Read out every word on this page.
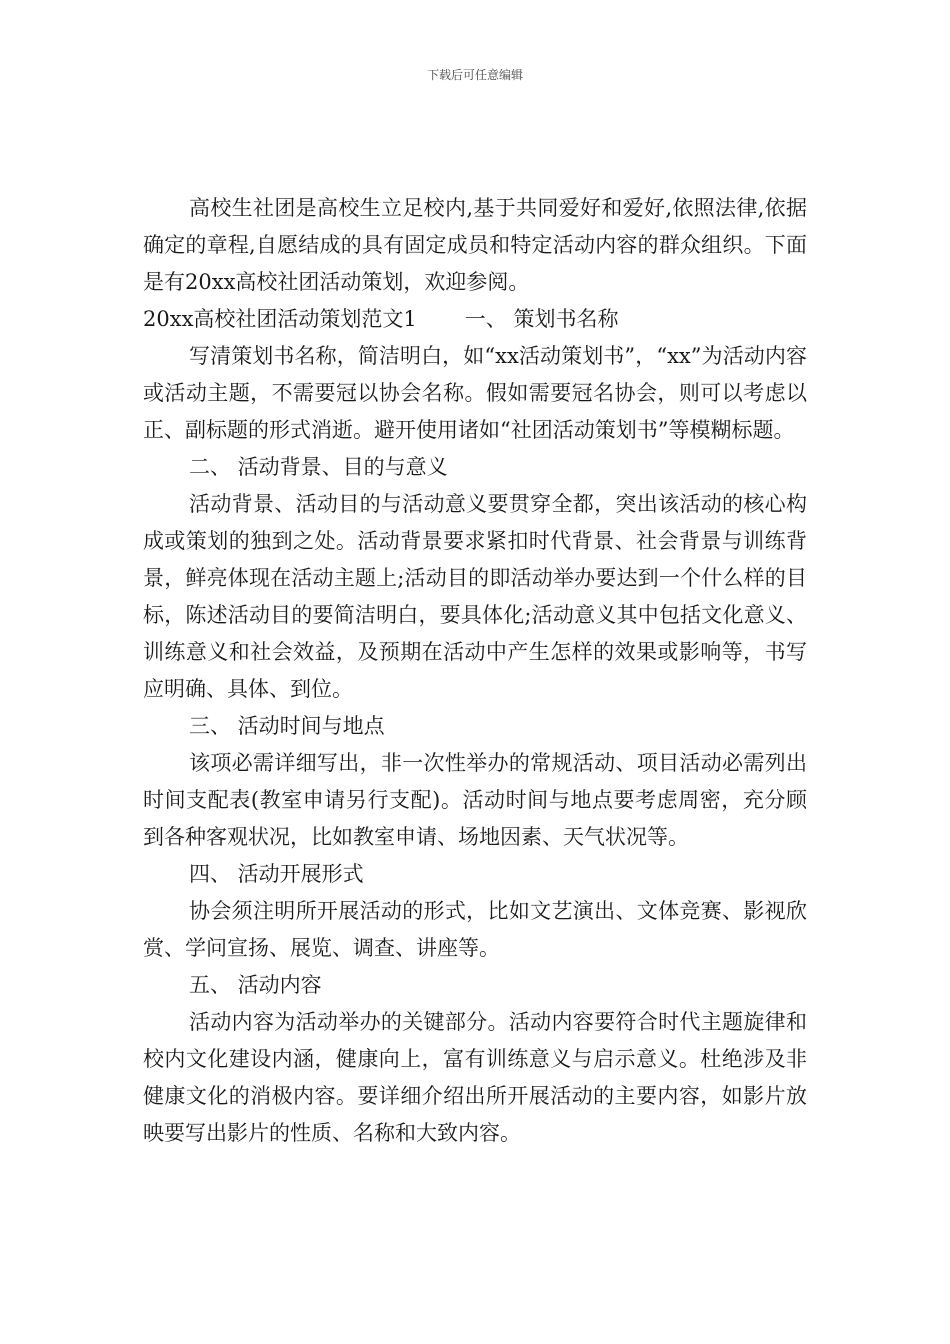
下载后可任意编辑

高校生社团是高校生立足校内,基于共同爱好和爱好,依照法律,依据确定的章程,自愿结成的具有固定成员和特定活动内容的群众组织。下面是有20xx高校社团活动策划，欢迎参阅。

20xx高校社团活动策划范文1 一、 策划书名称

写清策划书名称，简洁明白，如“xx活动策划书”，“xx”为活动内容或活动主题，不需要冠以协会名称。假如需要冠名协会，则可以考虑以正、副标题的形式消逝。避开使用诸如“社团活动策划书”等模糊标题。

二、 活动背景、目的与意义

活动背景、活动目的与活动意义要贯穿全都，突出该活动的核心构成或策划的独到之处。活动背景要求紧扣时代背景、社会背景与训练背景，鲜亮体现在活动主题上;活动目的即活动举办要达到一个什么样的目标，陈述活动目的要简洁明白，要具体化;活动意义其中包括文化意义、训练意义和社会效益，及预期在活动中产生怎样的效果或影响等，书写应明确、具体、到位。

三、 活动时间与地点

该项必需详细写出，非一次性举办的常规活动、项目活动必需列出时间支配表(教室申请另行支配)。活动时间与地点要考虑周密，充分顾到各种客观状况，比如教室申请、场地因素、天气状况等。

四、 活动开展形式

协会须注明所开展活动的形式，比如文艺演出、文体竞赛、影视欣赏、学问宣扬、展览、调查、讲座等。

五、 活动内容

活动内容为活动举办的关键部分。活动内容要符合时代主题旋律和校内文化建设内涵，健康向上，富有训练意义与启示意义。杜绝涉及非健康文化的消极内容。要详细介绍出所开展活动的主要内容，如影片放映要写出影片的性质、名称和大致内容。
